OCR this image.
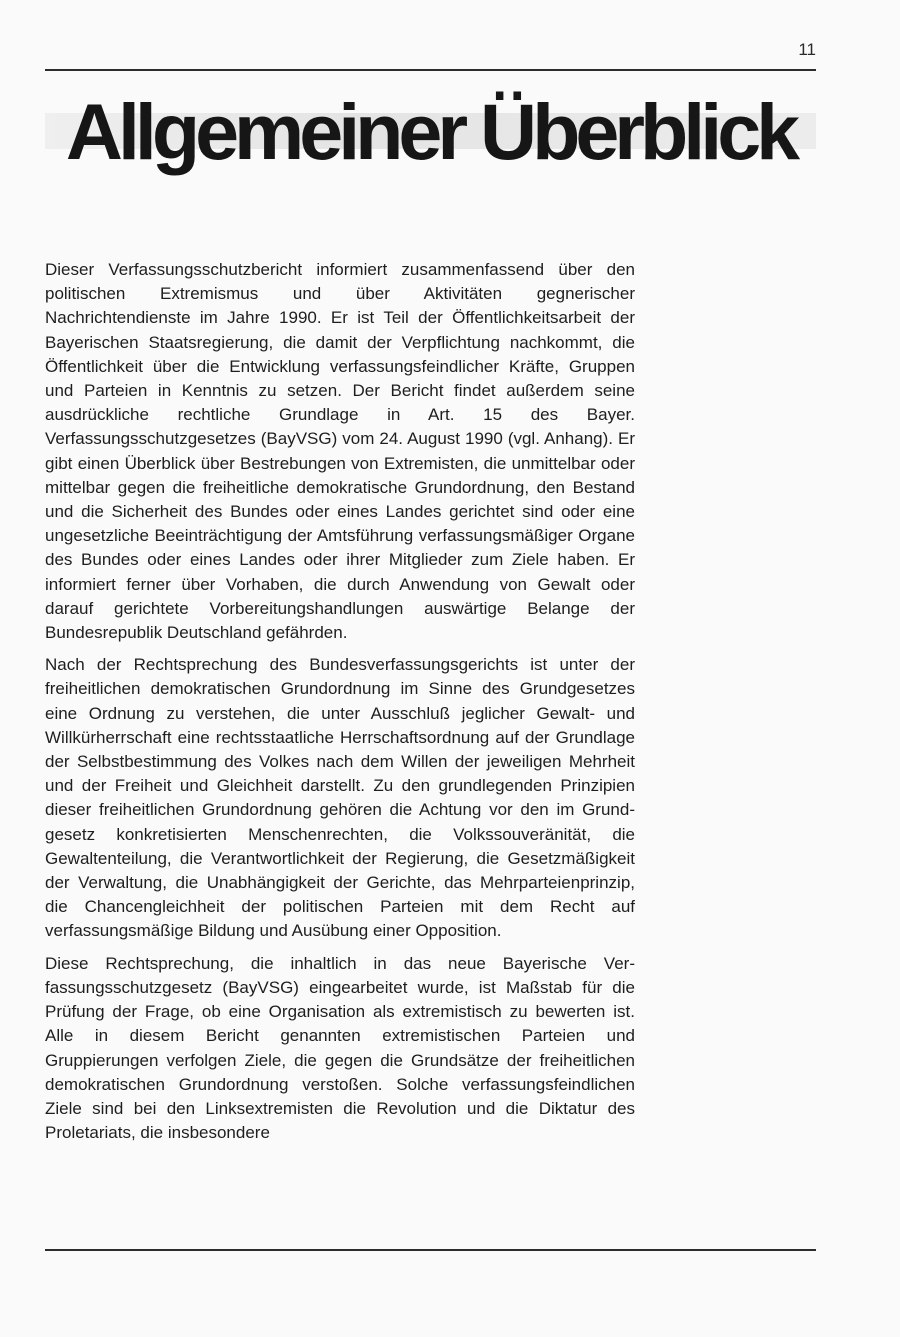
11
Allgemeiner Überblick

Dieser Verfassungsschutzbericht informiert zusammenfassend über den politischen Extremismus und über Aktivitäten gegnerischer Nachrichtendienste im Jahre 1990. Er ist Teil der Öffentlichkeitsarbeit der Bayerischen Staatsregierung, die damit der Verpflichtung nachkommt, die Öffentlichkeit über die Entwicklung verfassungsfeindlicher Kräfte, Gruppen und Parteien in Kenntnis zu setzen. Der Bericht findet außerdem seine ausdrückliche rechtliche Grundlage in Art. 15 des Bayer. Verfassungsschutzgesetzes (BayVSG) vom 24. August 1990 (vgl. Anhang). Er gibt einen Überblick über Bestrebungen von Extremisten, die unmittelbar oder mittelbar gegen die freiheitliche demokratische Grundordnung, den Bestand und die Sicherheit des Bundes oder eines Landes gerichtet sind oder eine ungesetzliche Beeinträchtigung der Amtsführung verfassungsmäßiger Organe des Bundes oder eines Landes oder ihrer Mitglieder zum Ziele haben. Er informiert ferner über Vorhaben, die durch Anwendung von Gewalt oder darauf gerichtete Vorbereitungshandlungen auswärtige Belange der Bundesrepublik Deutschland gefährden.

Nach der Rechtsprechung des Bundesverfassungsgerichts ist unter der freiheitlichen demokratischen Grundordnung im Sinne des Grundgesetzes eine Ordnung zu verstehen, die unter Ausschluß jeglicher Gewalt- und Willkürherrschaft eine rechtsstaatliche Herrschaftsordnung auf der Grundlage der Selbstbestimmung des Volkes nach dem Willen der jeweiligen Mehrheit und der Freiheit und Gleichheit darstellt. Zu den grundlegenden Prinzipien dieser freiheitlichen Grundordnung gehören die Achtung vor den im Grundgesetz konkretisierten Menschenrechten, die Volkssouveränität, die Gewaltenteilung, die Verantwortlichkeit der Regierung, die Gesetzmäßigkeit der Verwaltung, die Unabhängigkeit der Gerichte, das Mehrparteienprinzip, die Chancengleichheit der politischen Parteien mit dem Recht auf verfassungsmäßige Bildung und Ausübung einer Opposition.

Diese Rechtsprechung, die inhaltlich in das neue Bayerische Verfassungsschutzgesetz (BayVSG) eingearbeitet wurde, ist Maßstab für die Prüfung der Frage, ob eine Organisation als extremistisch zu bewerten ist. Alle in diesem Bericht genannten extremistischen Parteien und Gruppierungen verfolgen Ziele, die gegen die Grundsätze der freiheitlichen demokratischen Grundordnung verstoßen. Solche verfassungsfeindlichen Ziele sind bei den Linksextremisten die Revolution und die Diktatur des Proletariats, die insbesondere
